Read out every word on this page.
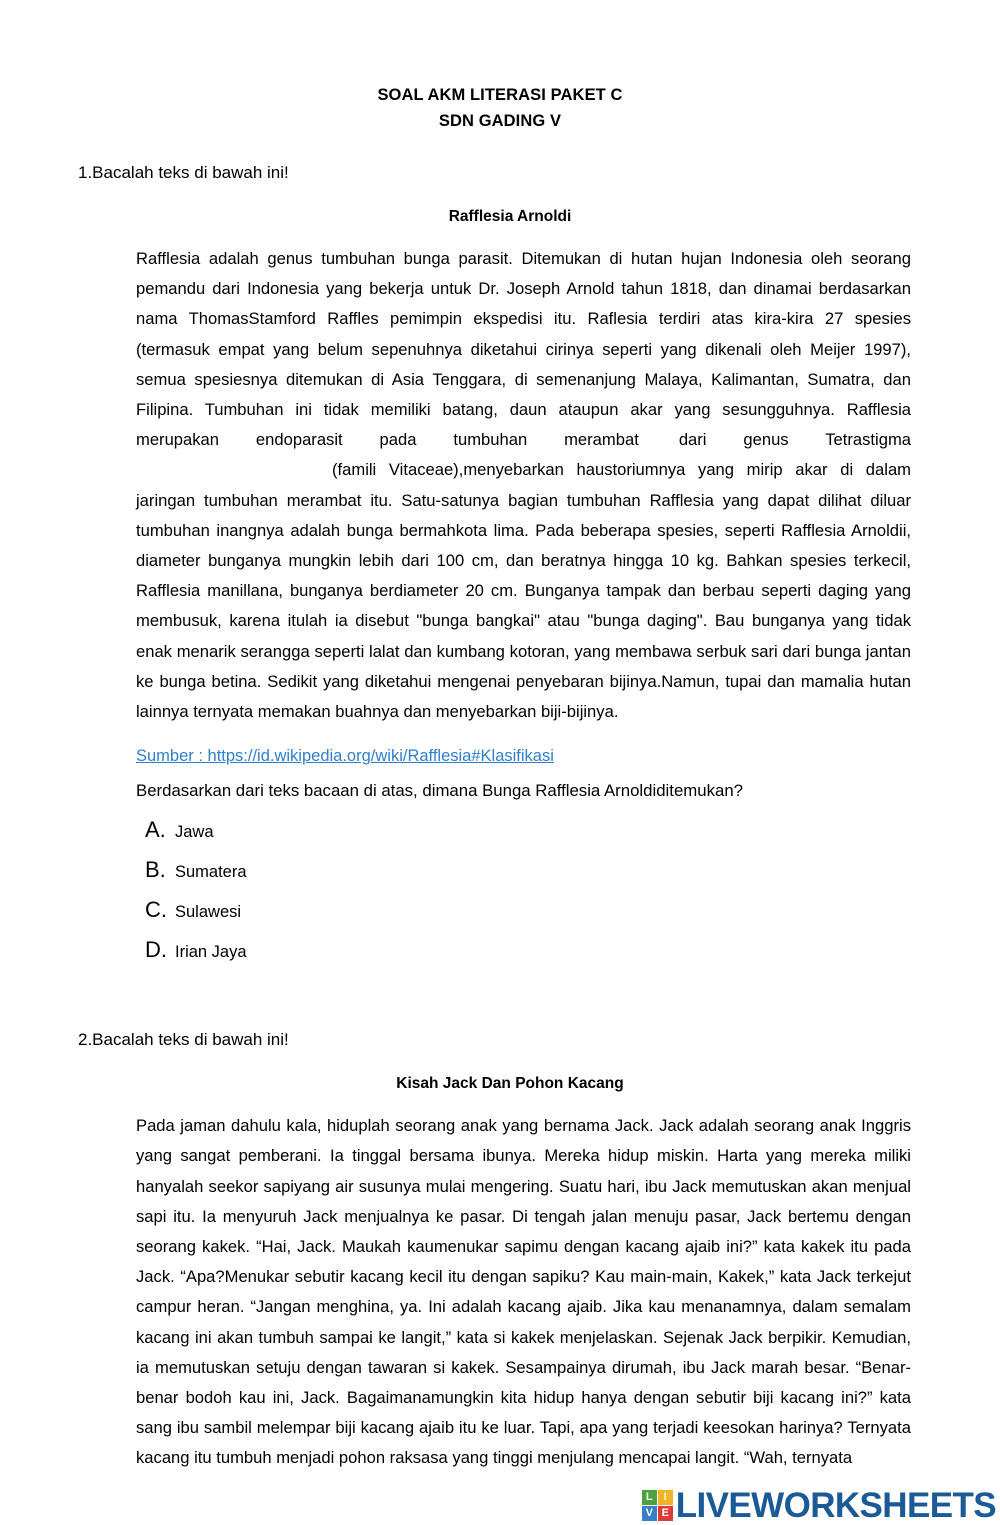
SOAL AKM LITERASI PAKET C
SDN GADING V
1.Bacalah teks di bawah ini!
Rafflesia Arnoldi

Rafflesia adalah genus tumbuhan bunga parasit. Ditemukan di hutan hujan Indonesia oleh seorang pemandu dari Indonesia yang bekerja untuk Dr. Joseph Arnold tahun 1818, dan dinamai berdasarkan nama ThomasStamford Raffles pemimpin ekspedisi itu. Raflesia terdiri atas kira-kira 27 spesies (termasuk empat yang belum sepenuhnya diketahui cirinya seperti yang dikenali oleh Meijer 1997), semua spesiesnya ditemukan di Asia Tenggara, di semenanjung Malaya, Kalimantan, Sumatra, dan Filipina. Tumbuhan ini tidak memiliki batang, daun ataupun akar yang sesungguhnya. Rafflesia merupakan endoparasit pada tumbuhan merambat dari genus Tetrastigma(famili Vitaceae),menyebarkan haustoriumnya yang mirip akar di dalam jaringan tumbuhan merambat itu. Satu-satunya bagian tumbuhan Rafflesia yang dapat dilihat diluar tumbuhan inangnya adalah bunga bermahkota lima. Pada beberapa spesies, seperti Rafflesia Arnoldii, diameter bunganya mungkin lebih dari 100 cm, dan beratnya hingga 10 kg. Bahkan spesies terkecil, Rafflesia manillana, bunganya berdiameter 20 cm. Bunganya tampak dan berbau seperti daging yang membusuk, karena itulah ia disebut "bunga bangkai" atau "bunga daging". Bau bunganya yang tidak enak menarik serangga seperti lalat dan kumbang kotoran, yang membawa serbuk sari dari bunga jantan ke bunga betina. Sedikit yang diketahui mengenai penyebaran bijinya.Namun, tupai dan mamalia hutan lainnya ternyata memakan buahnya dan menyebarkan biji-bijinya.

Sumber : https://id.wikipedia.org/wiki/Rafflesia#Klasifikasi
Berdasarkan dari teks bacaan di atas, dimana Bunga Rafflesia Arnoldiditemukan?
A. Jawa
B. Sumatera
C. Sulawesi
D. Irian Jaya
2.Bacalah teks di bawah ini!
Kisah Jack Dan Pohon Kacang

Pada jaman dahulu kala, hiduplah seorang anak yang bernama Jack. Jack adalah seorang anak Inggris yang sangat pemberani. Ia tinggal bersama ibunya. Mereka hidup miskin. Harta yang mereka miliki hanyalah seekor sapiyang air susunya mulai mengering. Suatu hari, ibu Jack memutuskan akan menjual sapi itu. Ia menyuruh Jack menjualnya ke pasar. Di tengah jalan menuju pasar, Jack bertemu dengan seorang kakek. “Hai, Jack. Maukah kaumenukar sapimu dengan kacang ajaib ini?” kata kakek itu pada Jack. “Apa?Menukar sebutir kacang kecil itu dengan sapiku? Kau main-main, Kakek,” kata Jack terkejut campur heran. “Jangan menghina, ya. Ini adalah kacang ajaib. Jika kau menanamnya, dalam semalam kacang ini akan tumbuh sampai ke langit,” kata si kakek menjelaskan. Sejenak Jack berpikir. Kemudian, ia memutuskan setuju dengan tawaran si kakek. Sesampainya dirumah, ibu Jack marah besar. “Benar-benar bodoh kau ini, Jack. Bagaimanamungkin kita hidup hanya dengan sebutir biji kacang ini?” kata sang ibu sambil melempar biji kacang ajaib itu ke luar. Tapi, apa yang terjadi keesokan harinya? Ternyata kacang itu tumbuh menjadi pohon raksasa yang tinggi menjulang mencapai langit. “Wah, ternyata

L	I
V E LIVEWORKSHEETS
